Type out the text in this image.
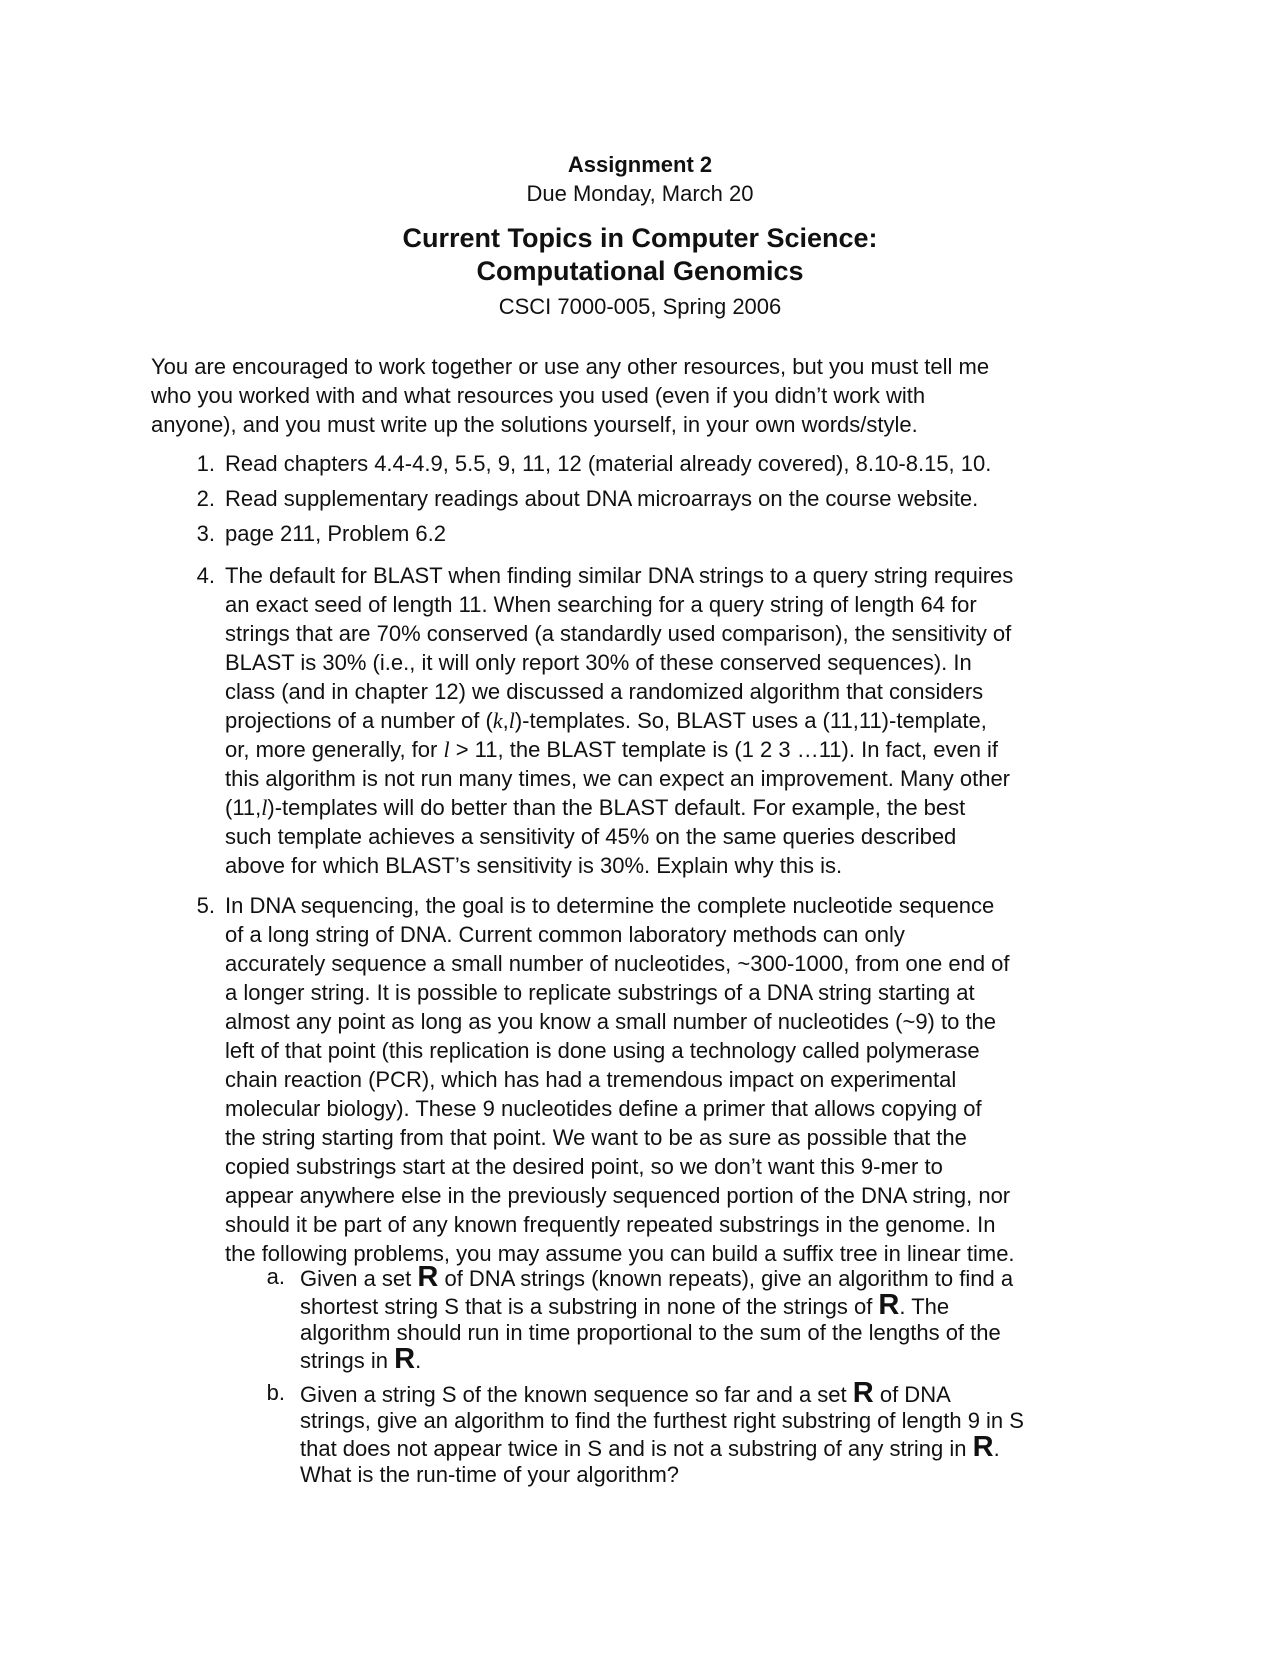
Assignment 2
Due Monday, March 20
Current Topics in Computer Science:
Computational Genomics
CSCI 7000-005, Spring 2006
You are encouraged to work together or use any other resources, but you must tell me
who you worked with and what resources you used (even if you didn’t work with
anyone), and you must write up the solutions yourself, in your own words/style.
1. Read chapters 4.4-4.9, 5.5, 9, 11, 12 (material already covered), 8.10-8.15, 10.
2. Read supplementary readings about DNA microarrays on the course website.
3. page 211, Problem 6.2
4. The default for BLAST when finding similar DNA strings to a query string requires
an exact seed of length 11. When searching for a query string of length 64 for
strings that are 70% conserved (a standardly used comparison), the sensitivity of
BLAST is 30% (i.e., it will only report 30% of these conserved sequences). In
class (and in chapter 12) we discussed a randomized algorithm that considers
projections of a number of (k,l)-templates. So, BLAST uses a (11,11)-template,
or, more generally, for l > 11, the BLAST template is (1 2 3 …11). In fact, even if
this algorithm is not run many times, we can expect an improvement. Many other
(11,l)-templates will do better than the BLAST default. For example, the best
such template achieves a sensitivity of 45% on the same queries described
above for which BLAST’s sensitivity is 30%. Explain why this is.
5. In DNA sequencing, the goal is to determine the complete nucleotide sequence
of a long string of DNA. Current common laboratory methods can only
accurately sequence a small number of nucleotides, ~300-1000, from one end of
a longer string. It is possible to replicate substrings of a DNA string starting at
almost any point as long as you know a small number of nucleotides (~9) to the
left of that point (this replication is done using a technology called polymerase
chain reaction (PCR), which has had a tremendous impact on experimental
molecular biology). These 9 nucleotides define a primer that allows copying of
the string starting from that point. We want to be as sure as possible that the
copied substrings start at the desired point, so we don’t want this 9-mer to
appear anywhere else in the previously sequenced portion of the DNA string, nor
should it be part of any known frequently repeated substrings in the genome. In
the following problems, you may assume you can build a suffix tree in linear time.
a. Given a set R of DNA strings (known repeats), give an algorithm to find a
shortest string S that is a substring in none of the strings of R. The
algorithm should run in time proportional to the sum of the lengths of the
strings in R.
b. Given a string S of the known sequence so far and a set R of DNA
strings, give an algorithm to find the furthest right substring of length 9 in S
that does not appear twice in S and is not a substring of any string in R.
What is the run-time of your algorithm?
